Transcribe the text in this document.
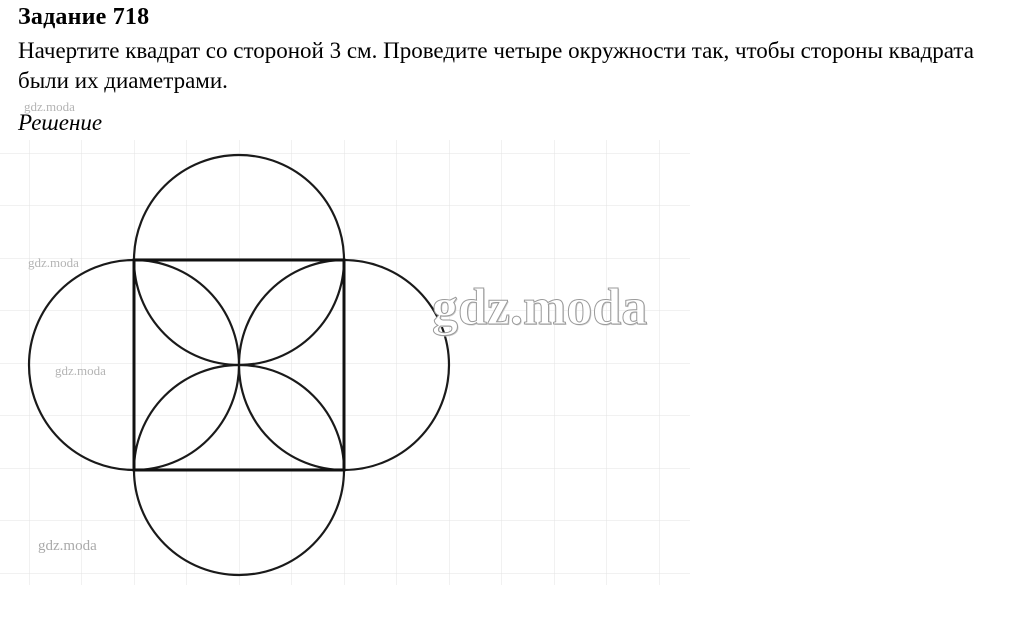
Задание 718
Начертите квадрат со стороной 3 см. Проведите четыре окружности так, чтобы стороны квадрата были их диаметрами.
Решение
gdz.moda
gdz.moda
gdz.moda
gdz.moda
gdz.moda
